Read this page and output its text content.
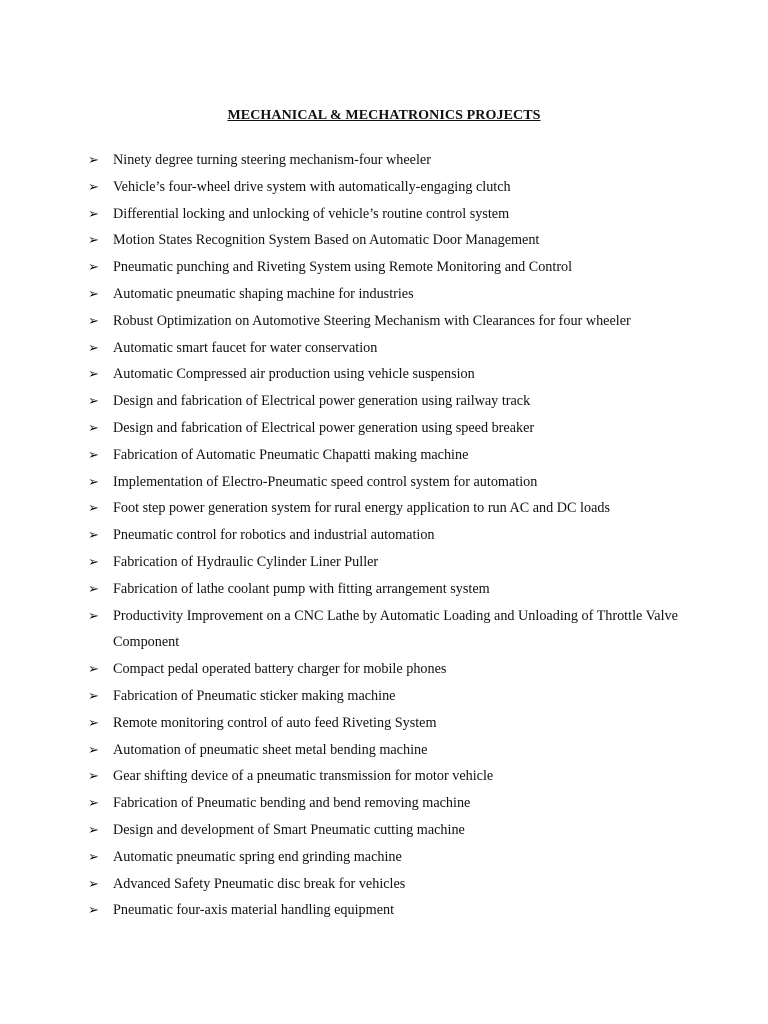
MECHANICAL & MECHATRONICS PROJECTS
➢ Ninety degree turning steering mechanism-four wheeler
➢ Vehicle’s four-wheel drive system with automatically-engaging clutch
➢ Differential locking and unlocking of vehicle’s routine control system
➢ Motion States Recognition System Based on Automatic Door Management
➢ Pneumatic punching and Riveting System using Remote Monitoring and Control
➢ Automatic pneumatic shaping machine for industries
➢ Robust Optimization on Automotive Steering Mechanism with Clearances for four wheeler
➢ Automatic smart faucet for water conservation
➢ Automatic Compressed air production using vehicle suspension
➢ Design and fabrication of Electrical power generation using railway track
➢ Design and fabrication of Electrical power generation using speed breaker
➢ Fabrication of Automatic Pneumatic Chapatti making machine
➢ Implementation of Electro-Pneumatic speed control system for automation
➢ Foot step power generation system for rural energy application to run AC and DC loads
➢ Pneumatic control for robotics and industrial automation
➢ Fabrication of Hydraulic Cylinder Liner Puller
➢ Fabrication of lathe coolant pump with fitting arrangement system
➢ Productivity Improvement on a CNC Lathe by Automatic Loading and Unloading of Throttle Valve Component
➢ Compact pedal operated battery charger for mobile phones
➢ Fabrication of Pneumatic sticker making machine
➢ Remote monitoring control of auto feed Riveting System
➢ Automation of pneumatic sheet metal bending machine
➢ Gear shifting device of a pneumatic transmission for motor vehicle
➢ Fabrication of Pneumatic bending and bend removing machine
➢ Design and development of Smart Pneumatic cutting machine
➢ Automatic pneumatic spring end grinding machine
➢ Advanced Safety Pneumatic disc break for vehicles
➢ Pneumatic four-axis material handling equipment
